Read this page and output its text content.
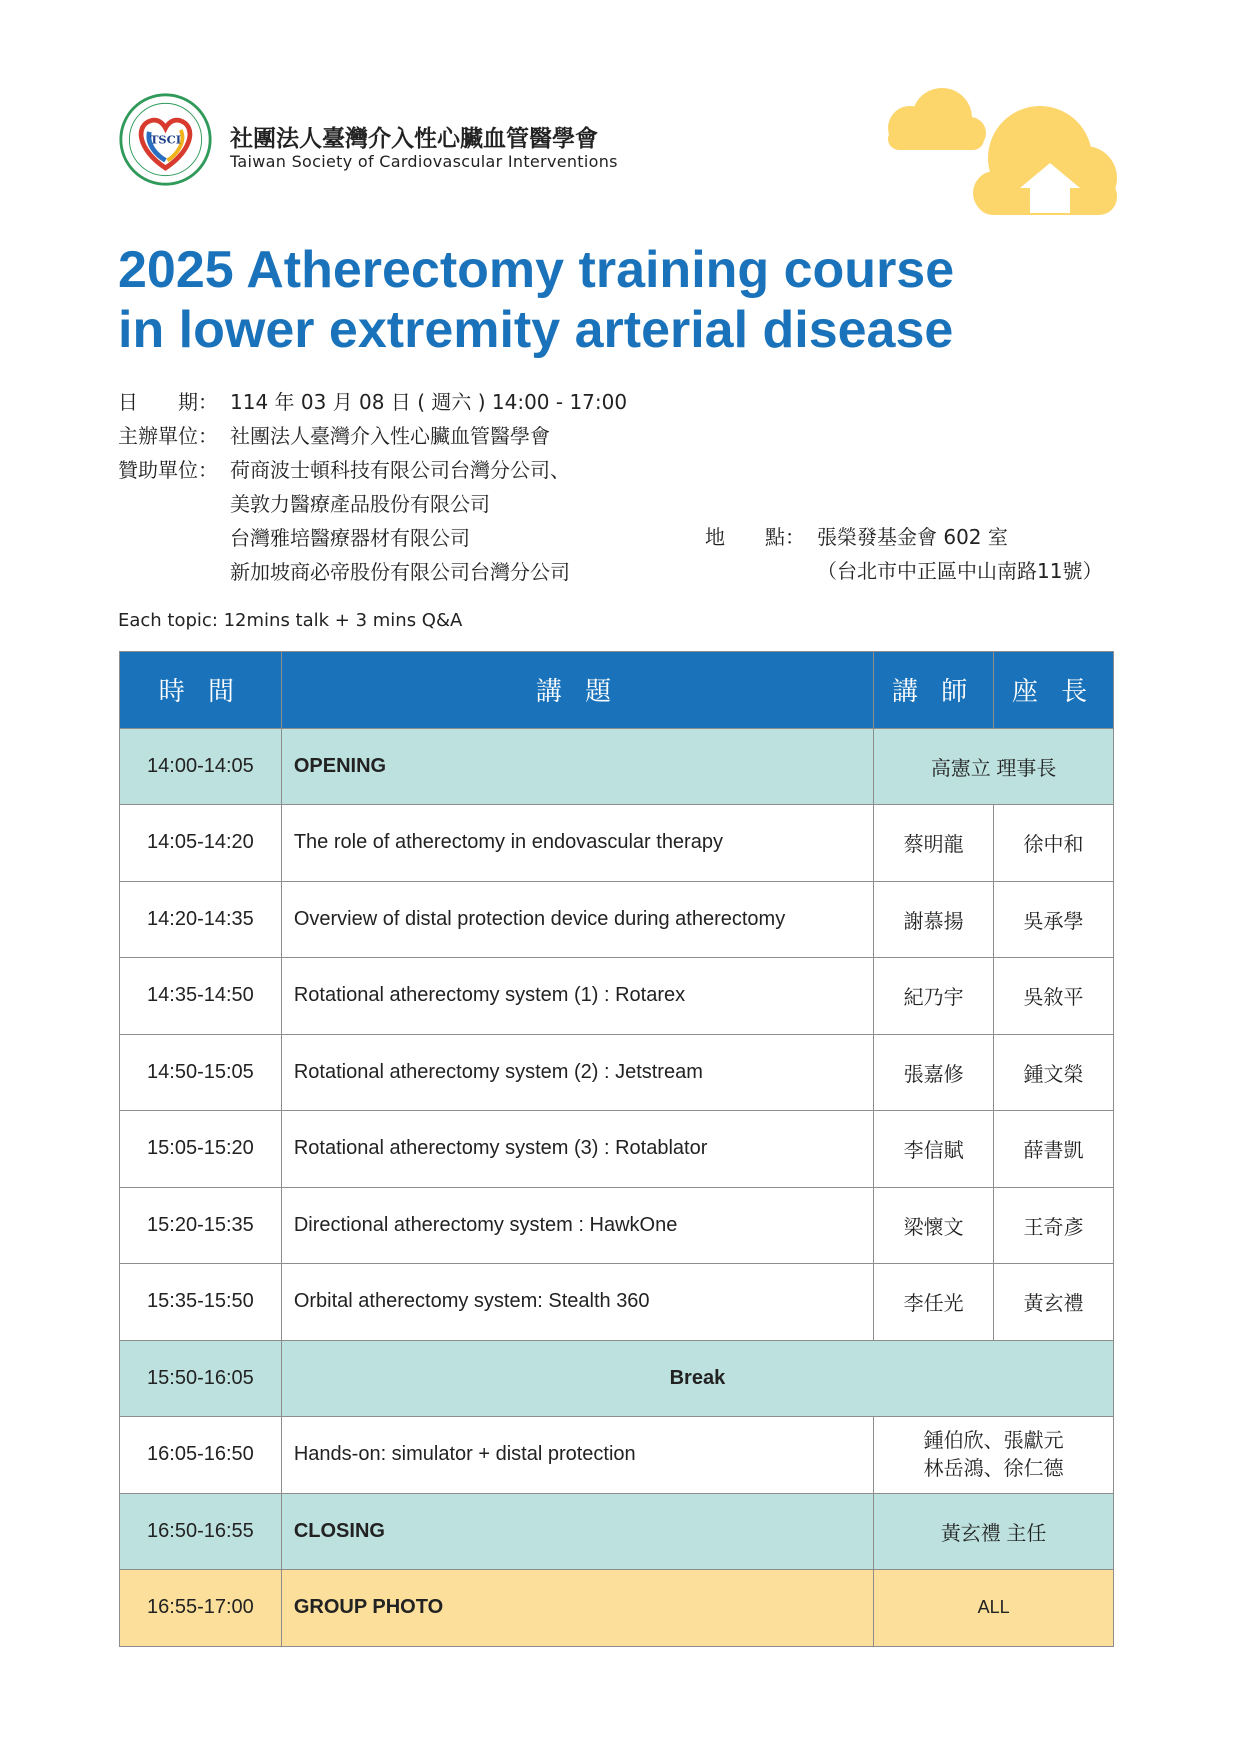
TSCI 社團法人臺灣介入性心臟血管醫學會
Taiwan Society of Cardiovascular Interventions
2025 Atherectomy training course
in lower extremity arterial disease
日　　期： 114 年 03 月 08 日 ( 週六 ) 14:00 - 17:00
主辦單位： 社團法人臺灣介入性心臟血管醫學會
贊助單位： 荷商波士頓科技有限公司台灣分公司、
美敦力醫療產品股份有限公司
台灣雅培醫療器材有限公司
新加坡商必帝股份有限公司台灣分公司
地　　點： 張榮發基金會 602 室
（台北市中正區中山南路11號）
Each topic: 12mins talk + 3 mins Q&A
時 間	講 題	講 師	座 長
14:00-14:05	OPENING	高憲立 理事長	
14:05-14:20	The role of atherectomy in endovascular therapy	蔡明龍	徐中和
14:20-14:35	Overview of distal protection device during atherectomy	謝慕揚	吳承學
14:35-14:50	Rotational atherectomy system (1) : Rotarex	紀乃宇	吳敘平
14:50-15:05	Rotational atherectomy system (2) : Jetstream	張嘉修	鍾文榮
15:05-15:20	Rotational atherectomy system (3) : Rotablator	李信賦	薛書凱
15:20-15:35	Directional atherectomy system : HawkOne	梁懷文	王奇彥
15:35-15:50	Orbital atherectomy system: Stealth 360	李任光	黃玄禮
15:50-16:05	Break		
16:05-16:50	Hands-on: simulator + distal protection	鍾伯欣、張獻元
林岳鴻、徐仁德	

16:50-16:55	CLOSING	黃玄禮 主任	
16:55-17:00	GROUP PHOTO	ALL	
